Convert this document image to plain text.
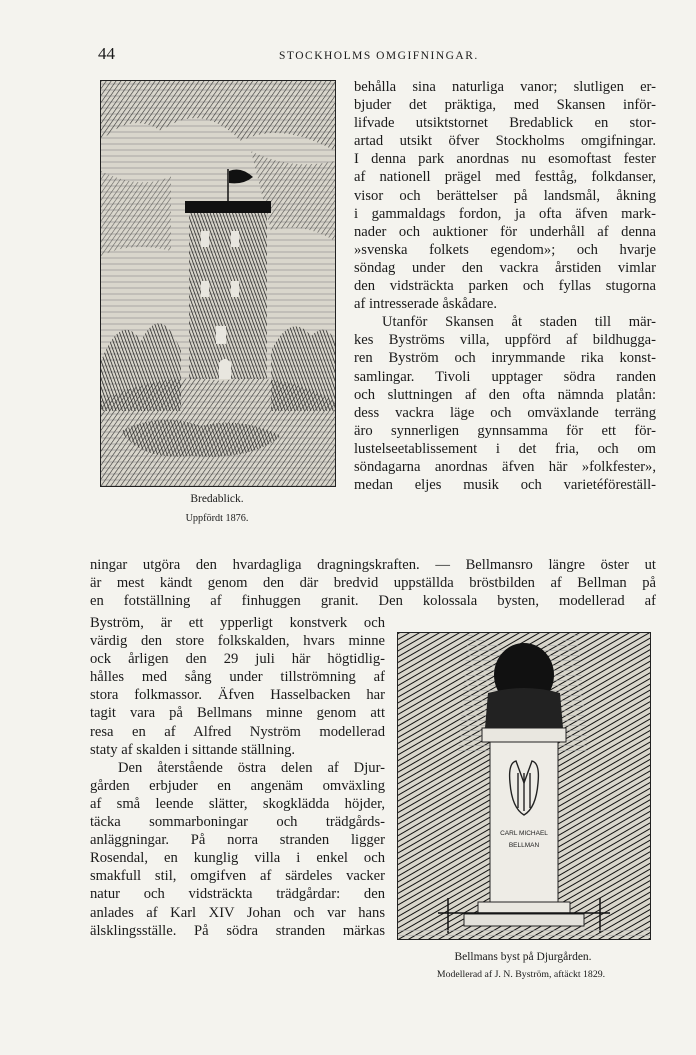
44	STOCKHOLMS OMGIFNINGAR.
Bredablick.
Uppfördt 1876.
behålla sina naturliga vanor; slutligen er-
bjuder det präktiga, med Skansen inför-
lifvade utsiktstornet Bredablick en stor-
artad utsikt öfver Stockholms omgifningar.
I denna park anordnas nu esomoftast fester
af nationell prägel med festtåg, folkdanser,
visor och berättelser på landsmål, åkning
i gammaldags fordon, ja ofta äfven mark-
nader och auktioner för underhåll af denna
»svenska folkets egendom»; och hvarje
söndag under den vackra årstiden vimlar
den vidsträckta parken och fyllas stugorna
af intresserade åskådare.
Utanför Skansen åt staden till mär-
kes Byströms villa, uppförd af bildhugga-
ren Byström och inrymmande rika konst-
samlingar. Tivoli upptager södra randen
och sluttningen af den ofta nämnda platån:
dess vackra läge och omväxlande terräng
äro synnerligen gynnsamma för ett för-
lustelseetablissement i det fria, och om
söndagarna anordnas äfven här »folkfester»,
medan eljes musik och varietéföreställ-
ningar utgöra den hvardagliga dragningskraften. — Bellmansro längre öster ut
är mest kändt genom den där bredvid uppställda bröstbilden af Bellman på
en fotställning af finhuggen granit. Den kolossala bysten, modellerad af
Byström, är ett ypperligt konstverk och
värdig den store folkskalden, hvars minne
ock årligen den 29 juli här högtidlig-
hålles med sång under tillströmning af
stora folkmassor. Äfven Hasselbacken har
tagit vara på Bellmans minne genom att
resa en af Alfred Nyström modellerad
staty af skalden i sittande ställning.
Den återstående östra delen af Djur-
gården erbjuder en angenäm omväxling
af små leende slätter, skogklädda höjder,
täcka sommarboningar och trädgårds-
anläggningar. På norra stranden ligger
Rosendal, en kunglig villa i enkel och
smakfull stil, omgifven af särdeles vacker
natur och vidsträckta trädgårdar: den
anlades af Karl XIV Johan och var hans
älsklingsställe. På södra stranden märkas
CARL MICHAEL
BELLMAN
Bellmans byst på Djurgården.
Modellerad af J. N. Byström, aftäckt 1829.
